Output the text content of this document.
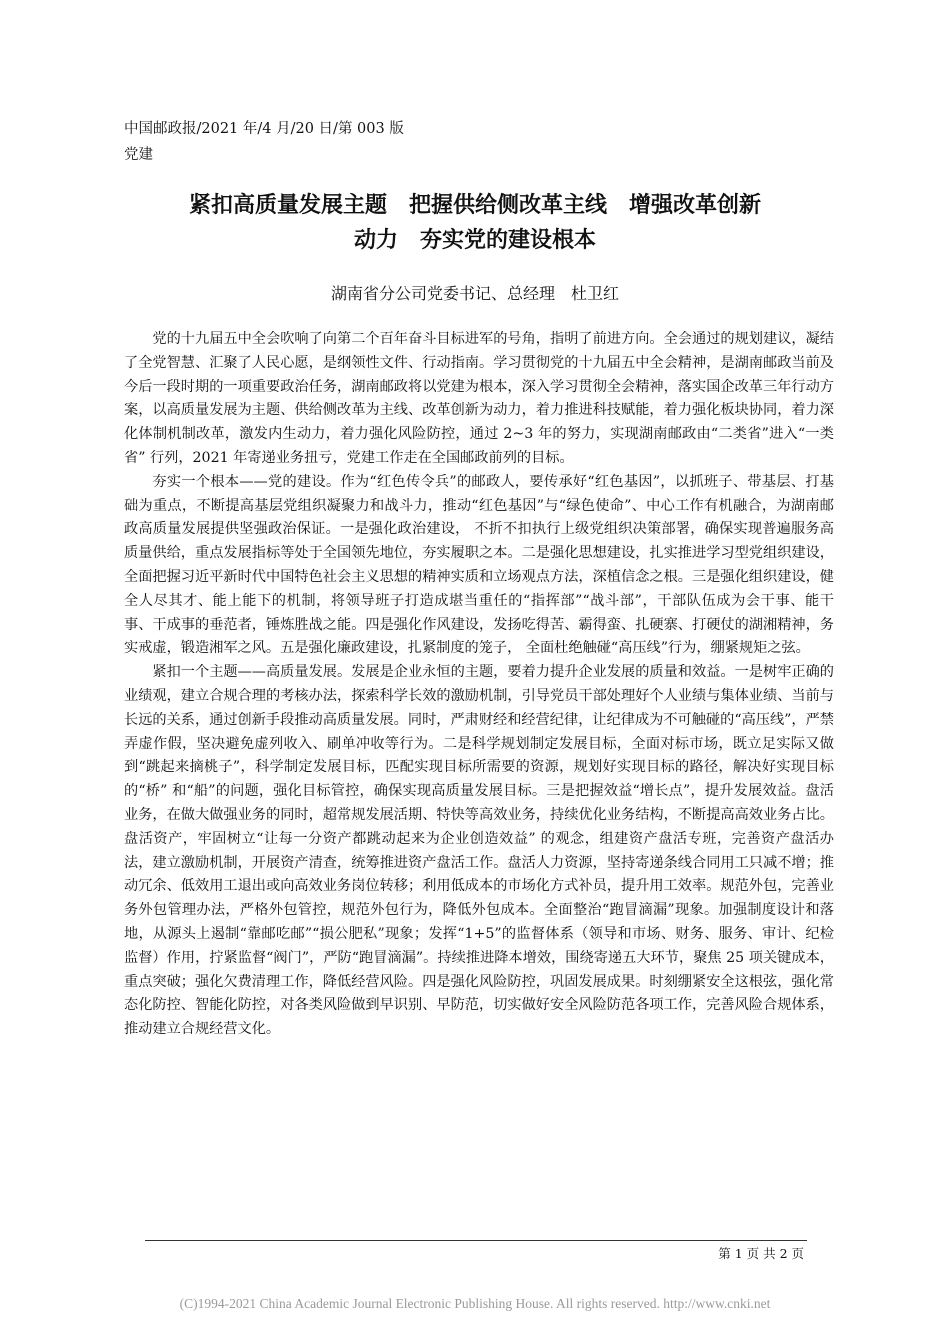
中国邮政报/2021 年/4 月/20 日/第 003 版
党建
紧扣高质量发展主题　把握供给侧改革主线　增强改革创新
动力　夯实党的建设根本
湖南省分公司党委书记、总经理　杜卫红

党的十九届五中全会吹响了向第二个百年奋斗目标进军的号角，指明了前进方向。全会通过的规划建议，凝结了全党智慧、汇聚了人民心愿，是纲领性文件、行动指南。学习贯彻党的十九届五中全会精神，是湖南邮政当前及今后一段时期的一项重要政治任务，湖南邮政将以党建为根本，深入学习贯彻全会精神，落实国企改革三年行动方案，以高质量发展为主题、供给侧改革为主线、改革创新为动力，着力推进科技赋能，着力强化板块协同，着力深化体制机制改革，激发内生动力，着力强化风险防控，通过 2~3 年的努力，实现湖南邮政由“二类省”进入“一类省” 行列，2021 年寄递业务扭亏，党建工作走在全国邮政前列的目标。

夯实一个根本——党的建设。作为“红色传令兵”的邮政人，要传承好“红色基因”，以抓班子、带基层、打基础为重点，不断提高基层党组织凝聚力和战斗力，推动“红色基因”与“绿色使命”、中心工作有机融合，为湖南邮政高质量发展提供坚强政治保证。一是强化政治建设， 不折不扣执行上级党组织决策部署，确保实现普遍服务高质量供给，重点发展指标等处于全国领先地位，夯实履职之本。二是强化思想建设，扎实推进学习型党组织建设，全面把握习近平新时代中国特色社会主义思想的精神实质和立场观点方法，深植信念之根。三是强化组织建设，健全人尽其才、能上能下的机制，将领导班子打造成堪当重任的“指挥部”“战斗部”，干部队伍成为会干事、能干事、干成事的垂范者，锤炼胜战之能。四是强化作风建设，发扬吃得苦、霸得蛮、扎硬寨、打硬仗的湖湘精神，务实戒虚，锻造湘军之风。五是强化廉政建设，扎紧制度的笼子， 全面杜绝触碰“高压线”行为，绷紧规矩之弦。

紧扣一个主题——高质量发展。发展是企业永恒的主题，要着力提升企业发展的质量和效益。一是树牢正确的业绩观，建立合规合理的考核办法，探索科学长效的激励机制，引导党员干部处理好个人业绩与集体业绩、当前与长远的关系，通过创新手段推动高质量发展。同时，严肃财经和经营纪律，让纪律成为不可触碰的“高压线”，严禁弄虚作假，坚决避免虚列收入、刷单冲收等行为。二是科学规划制定发展目标，全面对标市场，既立足实际又做到“跳起来摘桃子”，科学制定发展目标，匹配实现目标所需要的资源，规划好实现目标的路径，解决好实现目标的“桥” 和“船”的问题，强化目标管控，确保实现高质量发展目标。三是把握效益“增长点”，提升发展效益。盘活业务，在做大做强业务的同时，超常规发展活期、特快等高效业务，持续优化业务结构，不断提高高效业务占比。盘活资产，牢固树立“让每一分资产都跳动起来为企业创造效益” 的观念，组建资产盘活专班，完善资产盘活办法，建立激励机制，开展资产清查，统筹推进资产盘活工作。盘活人力资源，坚持寄递条线合同用工只减不增；推动冗余、低效用工退出或向高效业务岗位转移；利用低成本的市场化方式补员，提升用工效率。规范外包，完善业务外包管理办法，严格外包管控，规范外包行为，降低外包成本。全面整治“跑冒滴漏”现象。加强制度设计和落地，从源头上遏制“靠邮吃邮”“损公肥私”现象；发挥“1+5”的监督体系（领导和市场、财务、服务、审计、纪检监督）作用，拧紧监督“阀门”，严防“跑冒滴漏”。持续推进降本增效，围绕寄递五大环节，聚焦 25 项关键成本，重点突破；强化欠费清理工作，降低经营风险。四是强化风险防控，巩固发展成果。时刻绷紧安全这根弦，强化常态化防控、智能化防控，对各类风险做到早识别、早防范，切实做好安全风险防范各项工作，完善风险合规体系，推动建立合规经营文化。

第 1 页 共 2 页
(C)1994-2021 China Academic Journal Electronic Publishing House. All rights reserved. http://www.cnki.net
